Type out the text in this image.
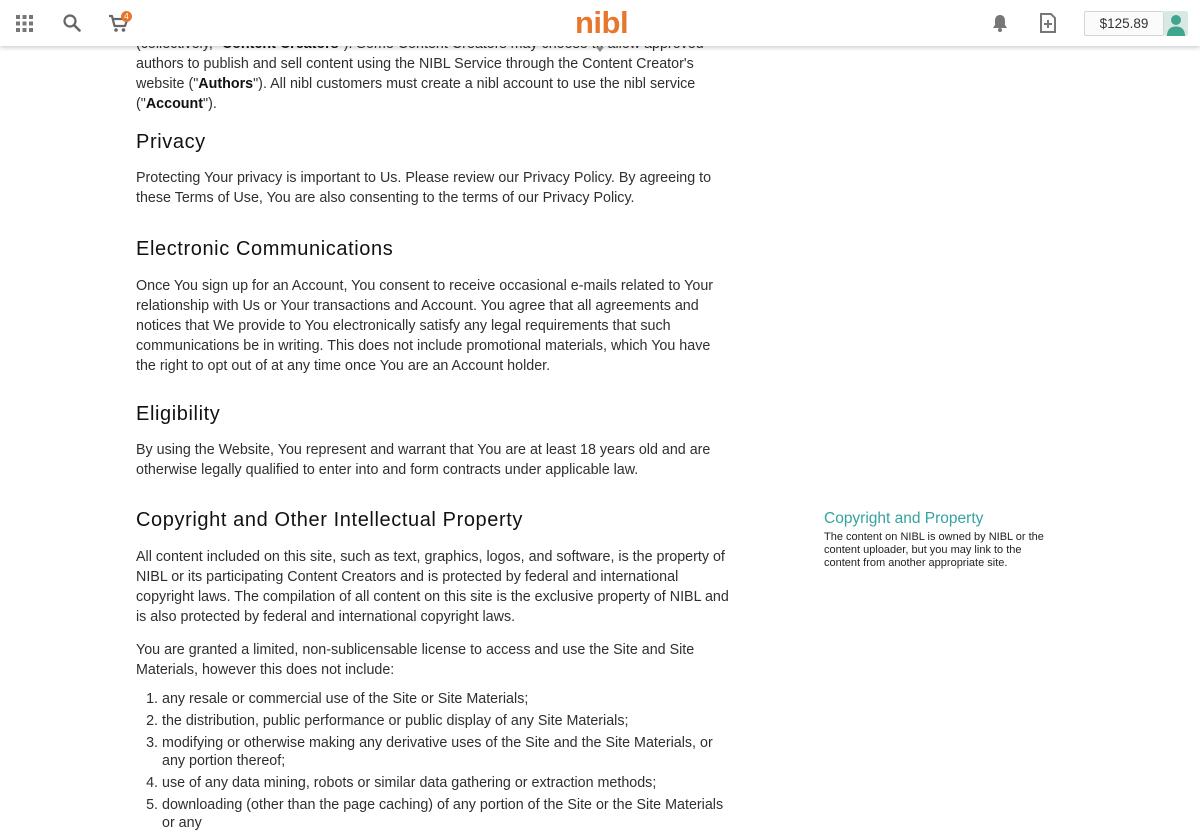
authors to publish and sell content using the NIBL Service through the Content Creator's website ("Authors"). All nibl customers must create a nibl account to use the nibl service ("Account").

Privacy

Protecting Your privacy is important to Us. Please review our Privacy Policy. By agreeing to these Terms of Use, You are also consenting to the terms of our Privacy Policy.

Electronic Communications

Once You sign up for an Account, You consent to receive occasional e-mails related to Your relationship with Us or Your transactions and Account. You agree that all agreements and notices that We provide to You electronically satisfy any legal requirements that such communications be in writing. This does not include promotional materials, which You have the right to opt out of at any time once You are an Account holder.

Eligibility

By using the Website, You represent and warrant that You are at least 18 years old and are otherwise legally qualified to enter into and form contracts under applicable law.

Copyright and Other Intellectual Property

All content included on this site, such as text, graphics, logos, and software, is the property of NIBL or its participating Content Creators and is protected by federal and international copyright laws. The compilation of all content on this site is the exclusive property of NIBL and is also protected by federal and international copyright laws.

You are granted a limited, non-sublicensable license to access and use the Site and Site Materials, however this does not include:

1. any resale or commercial use of the Site or Site Materials;
2. the distribution, public performance or public display of any Site Materials;
3. modifying or otherwise making any derivative uses of the Site and the Site Materials, or any portion thereof;
4. use of any data mining, robots or similar data gathering or extraction methods;
5. downloading (other than the page caching) of any portion of the Site or the Site Materials or any
Copyright and Property
The content on NIBL is owned by NIBL or the content uploader, but you may link to the content from another appropriate site.
4	nibl	$125.89
